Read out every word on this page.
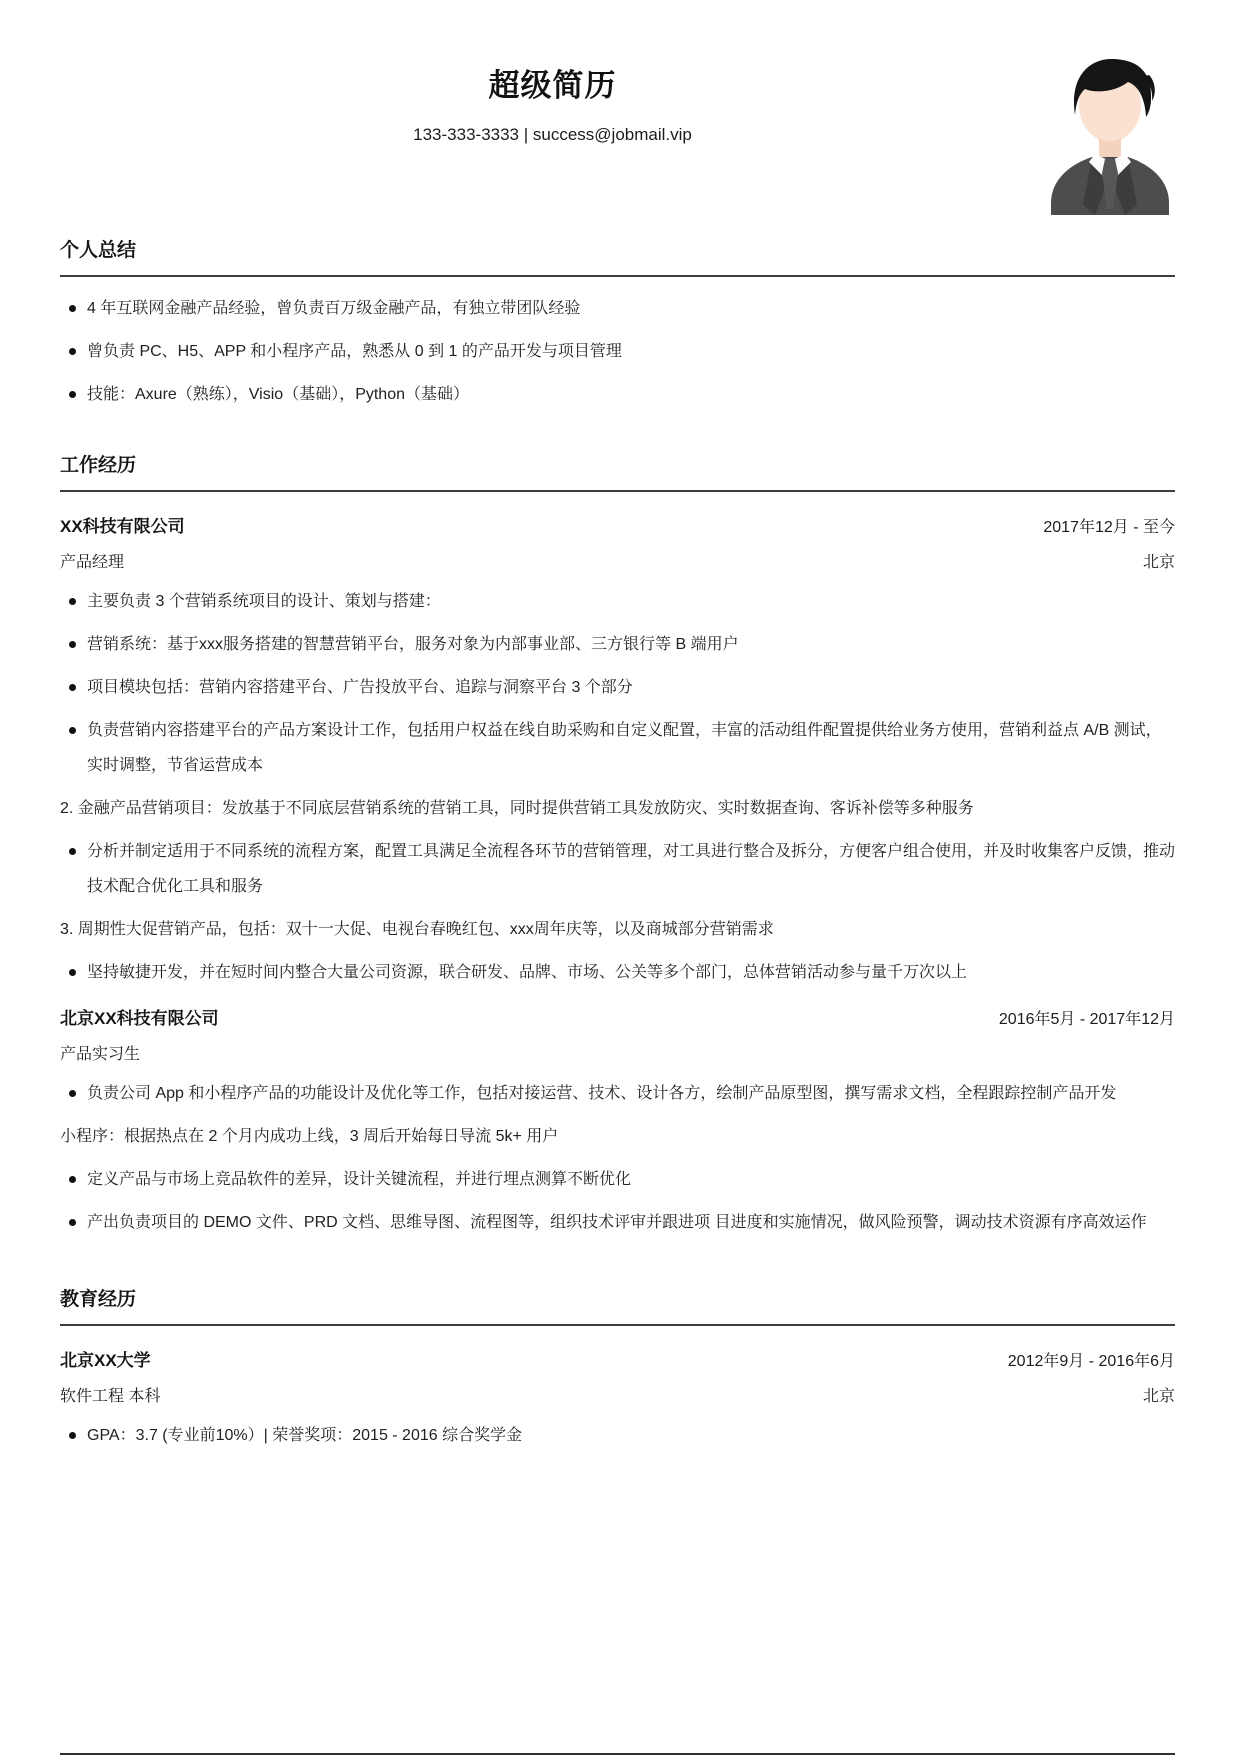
超级简历
133-333-3333 | success@jobmail.vip
个人总结
4 年互联网金融产品经验，曾负责百万级金融产品，有独立带团队经验
曾负责 PC、H5、APP 和小程序产品，熟悉从 0 到 1 的产品开发与项目管理
技能：Axure（熟练），Visio（基础），Python（基础）
工作经历
XX科技有限公司	2017年12月 - 至今
产品经理	北京
主要负责 3 个营销系统项目的设计、策划与搭建：
营销系统：基于xxx服务搭建的智慧营销平台，服务对象为内部事业部、三方银行等 B 端用户
项目模块包括：营销内容搭建平台、广告投放平台、追踪与洞察平台 3 个部分
负责营销内容搭建平台的产品方案设计工作，包括用户权益在线自助采购和自定义配置，丰富的活动组件配置提供给业务方使用，营销利益点 A/B 测试，实时调整，节省运营成本
2. 金融产品营销项目：发放基于不同底层营销系统的营销工具，同时提供营销工具发放防灾、实时数据查询、客诉补偿等多种服务
分析并制定适用于不同系统的流程方案，配置工具满足全流程各环节的营销管理，对工具进行整合及拆分，方便客户组合使用，并及时收集客户反馈，推动技术配合优化工具和服务
3. 周期性大促营销产品，包括：双十一大促、电视台春晚红包、xxx周年庆等，以及商城部分营销需求
坚持敏捷开发，并在短时间内整合大量公司资源，联合研发、品牌、市场、公关等多个部门，总体营销活动参与量千万次以上
北京XX科技有限公司	2016年5月 - 2017年12月
产品实习生
负责公司 App 和小程序产品的功能设计及优化等工作，包括对接运营、技术、设计各方，绘制产品原型图，撰写需求文档，全程跟踪控制产品开发
小程序：根据热点在 2 个月内成功上线，3 周后开始每日导流 5k+ 用户
定义产品与市场上竞品软件的差异，设计关键流程，并进行埋点测算不断优化
产出负责项目的 DEMO 文件、PRD 文档、思维导图、流程图等，组织技术评审并跟进项 目进度和实施情况，做风险预警，调动技术资源有序高效运作
教育经历
北京XX大学	2012年9月 - 2016年6月
软件工程 本科	北京
GPA：3.7 (专业前10%）| 荣誉奖项：2015 - 2016 综合奖学金
